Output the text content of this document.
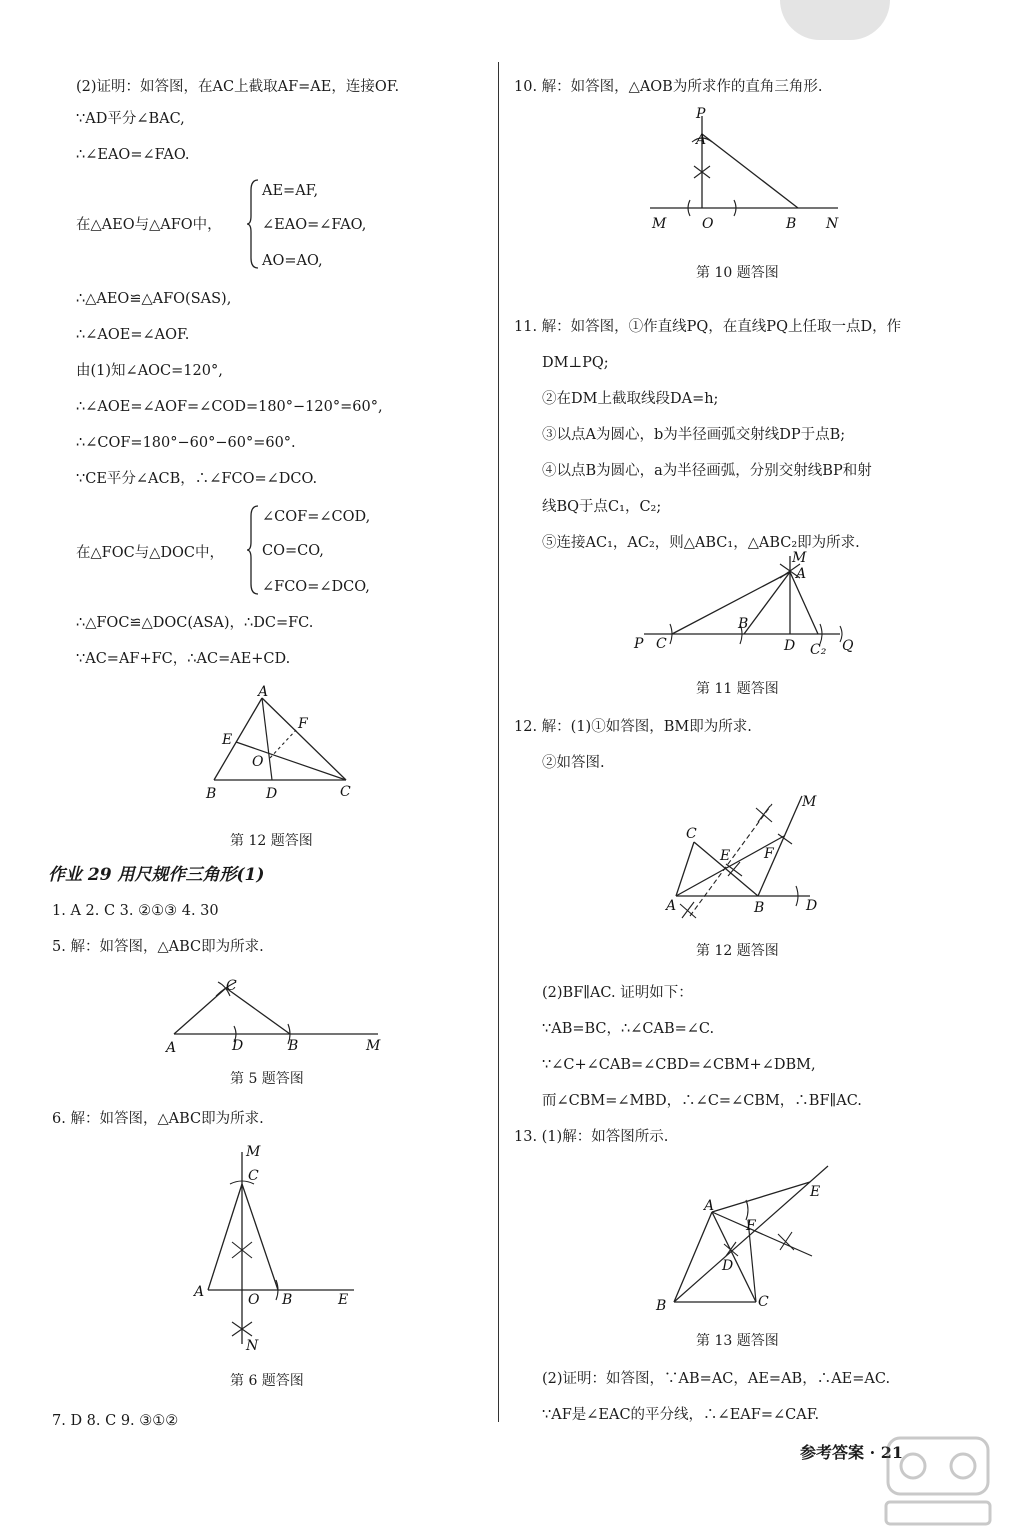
(2)证明：如答图，在AC上截取AF=AE，连接OF.
∵AD平分∠BAC,
∴∠EAO=∠FAO.
在△AEO与△AFO中，
AE=AF,
∠EAO=∠FAO,
AO=AO,
∴△AEO≌△AFO(SAS),
∴∠AOE=∠AOF.
由(1)知∠AOC=120°,
∴∠AOE=∠AOF=∠COD=180°−120°=60°,
∴∠COF=180°−60°−60°=60°.
∵CE平分∠ACB，∴∠FCO=∠DCO.
在△FOC与△DOC中，
∠COF=∠COD,
CO=CO,
∠FCO=∠DCO,
∴△FOC≌△DOC(ASA)，∴DC=FC.
∵AC=AF+FC，∴AC=AE+CD.
A
E
F
O
B	D	C
第 12 题答图
作业 29 用尺规作三角形(1)
1. A 2. C 3. ②①③ 4. 30
5. 解：如答图，△ABC即为所求.
C
A	D	B	M
第 5 题答图
6. 解：如答图，△ABC即为所求.
M
C
A	O B	E
N
第 6 题答图
7. D 8. C 9. ③①②
10. 解：如答图，△AOB为所求作的直角三角形.
P
A
M	O	B N
第 10 题答图
11. 解：如答图，①作直线PQ，在直线PQ上任取一点D，作
DM⊥PQ;
②在DM上截取线段DA=h;
③以点A为圆心，b为半径画弧交射线DP于点B;
④以点B为圆心，a为半径画弧，分别交射线BP和射
线BQ于点C₁，C₂;
⑤连接AC₁，AC₂，则△ABC₁，△ABC₂即为所求.
M
A
P C
B
D C₂ Q
第 11 题答图
12. 解：(1)①如答图，BM即为所求.
②如答图.
M
C
E F
A	B	D
第 12 题答图
(2)BF∥AC. 证明如下：
∵AB=BC，∴∠CAB=∠C.
∵∠C+∠CAB=∠CBD=∠CBM+∠DBM,
而∠CBM=∠MBD，∴∠C=∠CBM，∴BF∥AC.
13. (1)解：如答图所示.
A
E
F
D
B	C
第 13 题答图
(2)证明：如答图，∵AB=AC，AE=AB，∴AE=AC.
∵AF是∠EAC的平分线，∴∠EAF=∠CAF.
参考答案 · 21
